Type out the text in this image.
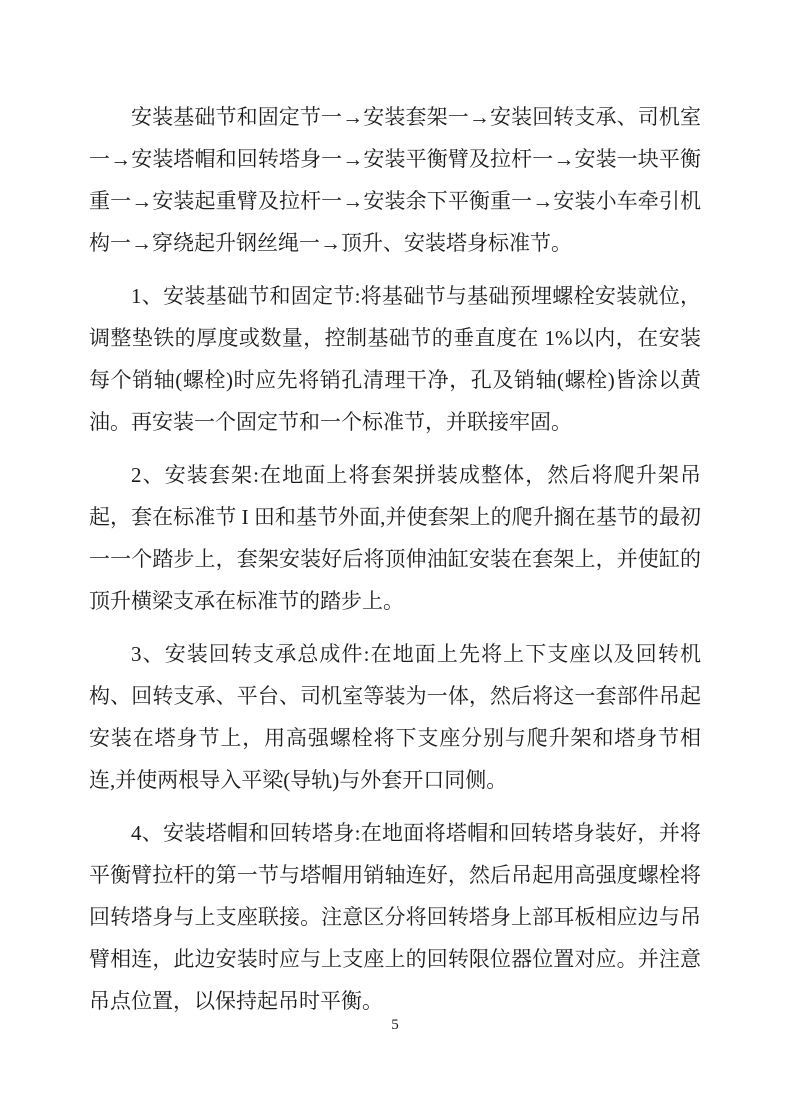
安装基础节和固定节一→安装套架一→安装回转支承、司机室一→安装塔帽和回转塔身一→安装平衡臂及拉杆一→安装一块平衡重一→安装起重臂及拉杆一→安装余下平衡重一→安装小车牵引机构一→穿绕起升钢丝绳一→顶升、安装塔身标准节。

1、安装基础节和固定节:将基础节与基础预埋螺栓安装就位，调整垫铁的厚度或数量，控制基础节的垂直度在 1%以内，在安装每个销轴(螺栓)时应先将销孔清理干净，孔及销轴(螺栓)皆涂以黄油。再安装一个固定节和一个标准节，并联接牢固。

2、安装套架:在地面上将套架拼装成整体，然后将爬升架吊起，套在标准节 I 田和基节外面,并使套架上的爬升搁在基节的最初一一个踏步上，套架安装好后将顶伸油缸安装在套架上，并使缸的顶升横梁支承在标准节的踏步上。

3、安装回转支承总成件:在地面上先将上下支座以及回转机构、回转支承、平台、司机室等装为一体，然后将这一套部件吊起安装在塔身节上，用高强螺栓将下支座分别与爬升架和塔身节相连,并使两根导入平梁(导轨)与外套开口同侧。

4、安装塔帽和回转塔身:在地面将塔帽和回转塔身装好，并将平衡臂拉杆的第一节与塔帽用销轴连好，然后吊起用高强度螺栓将回转塔身与上支座联接。注意区分将回转塔身上部耳板相应边与吊臂相连，此边安装时应与上支座上的回转限位器位置对应。并注意吊点位置，以保持起吊时平衡。

5
